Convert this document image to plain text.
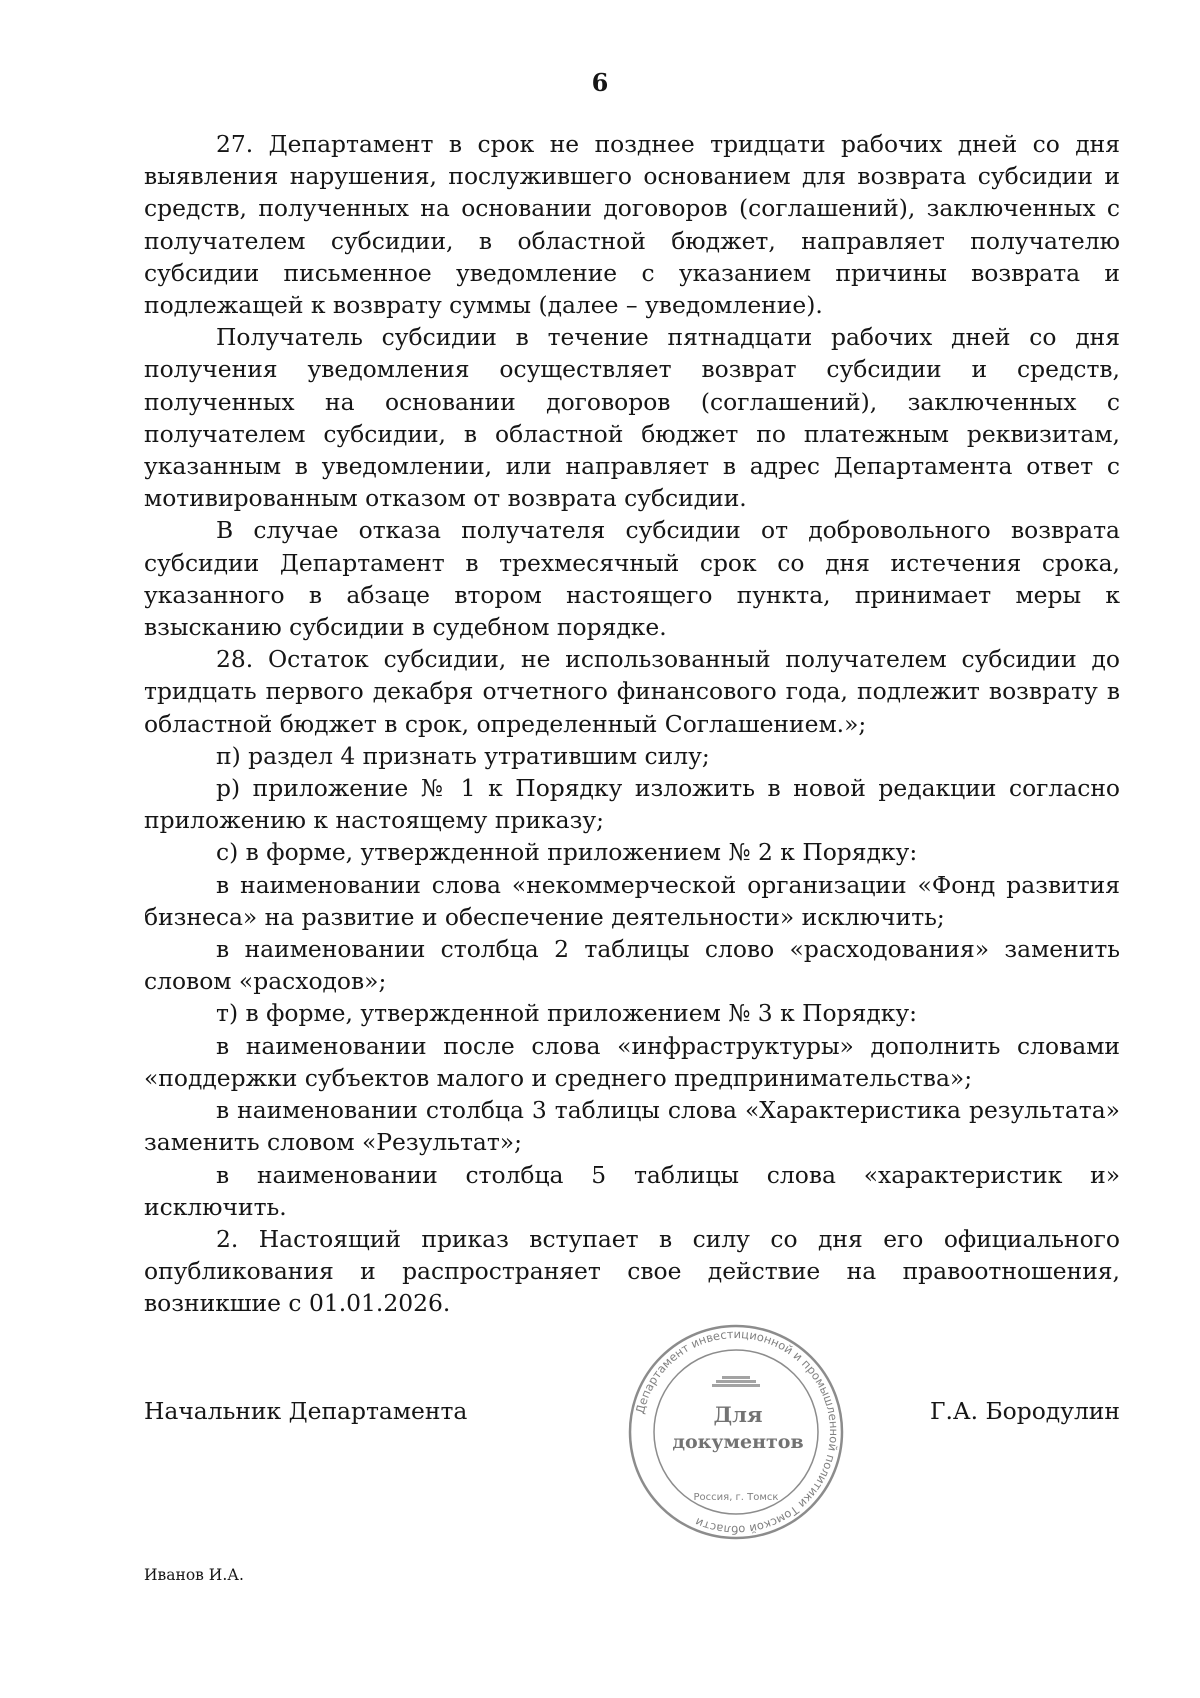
6

27. Департамент в срок не позднее тридцати рабочих дней со дня выявления нарушения, послужившего основанием для возврата субсидии и средств, полученных на основании договоров (соглашений), заключенных с получателем субсидии, в областной бюджет, направляет получателю субсидии письменное уведомление с указанием причины возврата и подлежащей к возврату суммы (далее – уведомление).

Получатель субсидии в течение пятнадцати рабочих дней со дня получения уведомления осуществляет возврат субсидии и средств, полученных на основании договоров (соглашений), заключенных с получателем субсидии, в областной бюджет по платежным реквизитам, указанным в уведомлении, или направляет в адрес Департамента ответ с мотивированным отказом от возврата субсидии.

В случае отказа получателя субсидии от добровольного возврата субсидии Департамент в трехмесячный срок со дня истечения срока, указанного в абзаце втором настоящего пункта, принимает меры к взысканию субсидии в судебном порядке.

28. Остаток субсидии, не использованный получателем субсидии до тридцать первого декабря отчетного финансового года, подлежит возврату в областной бюджет в срок, определенный Соглашением.»;

п) раздел 4 признать утратившим силу;

р) приложение № 1 к Порядку изложить в новой редакции согласно приложению к настоящему приказу;

с) в форме, утвержденной приложением № 2 к Порядку:

в наименовании слова «некоммерческой организации «Фонд развития бизнеса» на развитие и обеспечение деятельности» исключить;

в наименовании столбца 2 таблицы слово «расходования» заменить словом «расходов»;

т) в форме, утвержденной приложением № 3 к Порядку:

в наименовании после слова «инфраструктуры» дополнить словами «поддержки субъектов малого и среднего предпринимательства»;

в наименовании столбца 3 таблицы слова «Характеристика результата» заменить словом «Результат»;

в наименовании столбца 5 таблицы слова «характеристик и» исключить.

2. Настоящий приказ вступает в силу со дня его официального опубликования и распространяет свое действие на правоотношения, возникшие с 01.01.2026.

Начальник Департамента	Г.А. Бородулин
Департамент инвестиционной и промышленной политики Томской области
Россия, г. Томск
Для
документов
Иванов И.А.
